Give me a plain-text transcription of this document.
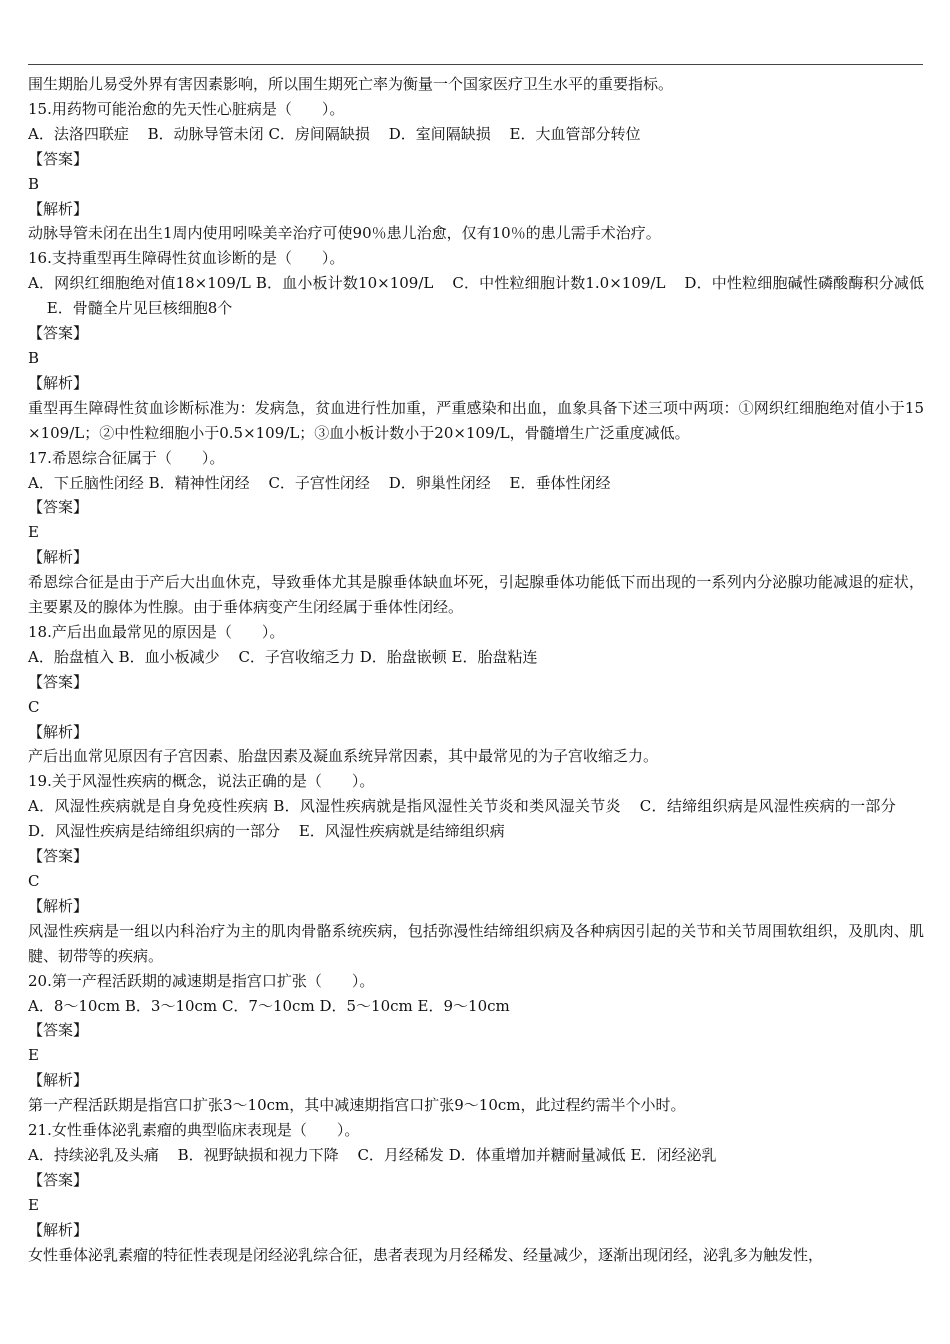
围生期胎儿易受外界有害因素影响，所以围生期死亡率为衡量一个国家医疗卫生水平的重要指标。
15.用药物可能治愈的先天性心脏病是（　　）。
A．法洛四联症 B．动脉导管未闭 C．房间隔缺损 D．室间隔缺损 E．大血管部分转位
【答案】
B
【解析】
动脉导管未闭在出生1周内使用吲哚美辛治疗可使90％患儿治愈，仅有10％的患儿需手术治疗。
16.支持重型再生障碍性贫血诊断的是（　　）。
A．网织红细胞绝对值18×109/L B．血小板计数10×109/L C．中性粒细胞计数1.0×109/L D．中性粒细胞碱性磷酸酶积分减低 E．骨髓全片见巨核细胞8个
【答案】
B
【解析】
重型再生障碍性贫血诊断标准为：发病急，贫血进行性加重，严重感染和出血，血象具备下述三项中两项：①网织红细胞绝对值小于15×109/L；②中性粒细胞小于0.5×109/L；③血小板计数小于20×109/L，骨髓增生广泛重度减低。
17.希恩综合征属于（　　）。
A．下丘脑性闭经 B．精神性闭经 C．子宫性闭经 D．卵巢性闭经 E．垂体性闭经
【答案】
E
【解析】
希恩综合征是由于产后大出血休克，导致垂体尤其是腺垂体缺血坏死，引起腺垂体功能低下而出现的一系列内分泌腺功能减退的症状，主要累及的腺体为性腺。由于垂体病变产生闭经属于垂体性闭经。
18.产后出血最常见的原因是（　　）。
A．胎盘植入 B．血小板减少 C．子宫收缩乏力 D．胎盘嵌顿 E．胎盘粘连
【答案】
C
【解析】
产后出血常见原因有子宫因素、胎盘因素及凝血系统异常因素，其中最常见的为子宫收缩乏力。
19.关于风湿性疾病的概念，说法正确的是（　　）。
A．风湿性疾病就是自身免疫性疾病 B．风湿性疾病就是指风湿性关节炎和类风湿关节炎 C．结缔组织病是风湿性疾病的一部分 D．风湿性疾病是结缔组织病的一部分 E．风湿性疾病就是结缔组织病
【答案】
C
【解析】
风湿性疾病是一组以内科治疗为主的肌肉骨骼系统疾病，包括弥漫性结缔组织病及各种病因引起的关节和关节周围软组织，及肌肉、肌腱、韧带等的疾病。
20.第一产程活跃期的减速期是指宫口扩张（　　）。
A．8～10cm B．3～10cm C．7～10cm D．5～10cm E．9～10cm
【答案】
E
【解析】
第一产程活跃期是指宫口扩张3～10cm，其中减速期指宫口扩张9～10cm，此过程约需半个小时。
21.女性垂体泌乳素瘤的典型临床表现是（　　）。
A．持续泌乳及头痛 B．视野缺损和视力下降 C．月经稀发 D．体重增加并糖耐量减低 E．闭经泌乳
【答案】
E
【解析】
女性垂体泌乳素瘤的特征性表现是闭经泌乳综合征，患者表现为月经稀发、经量减少，逐渐出现闭经，泌乳多为触发性，
